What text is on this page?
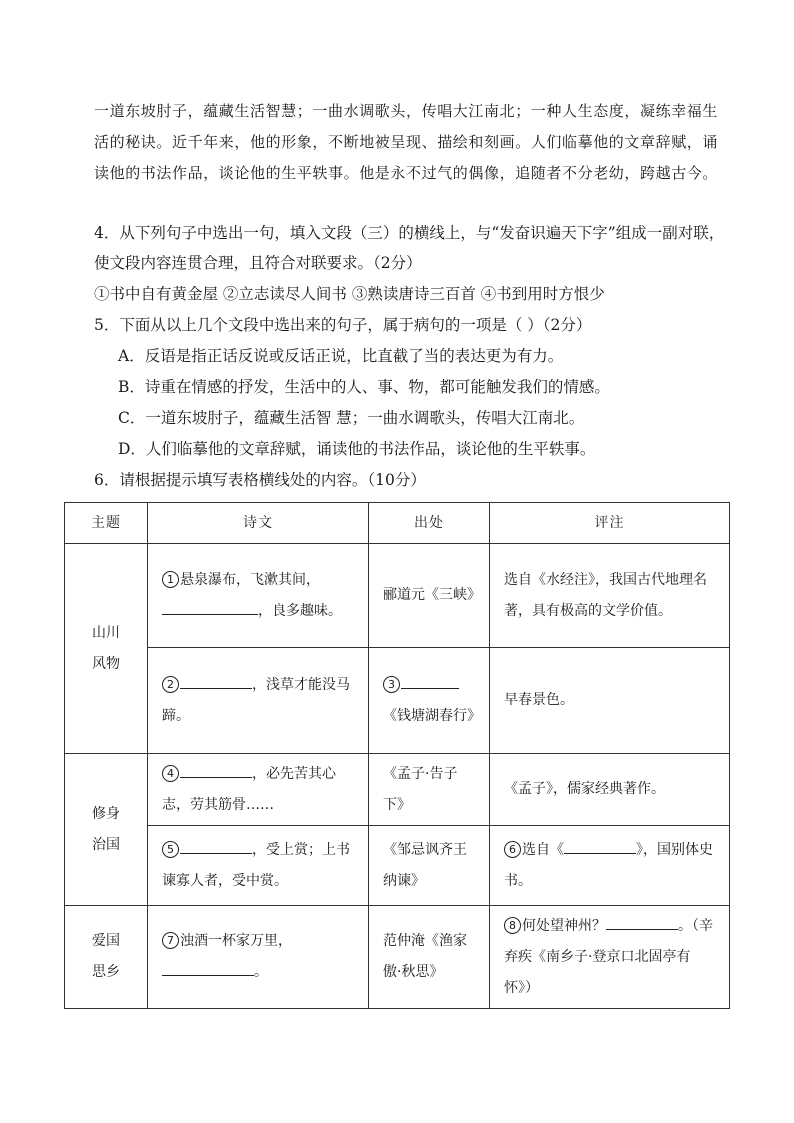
一道东坡肘子，蕴藏生活智慧；一曲水调歌头，传唱大江南北；一种人生态度，凝练幸福生活的秘诀。近千年来，他的形象，不断地被呈现、描绘和刻画。人们临摹他的文章辞赋，诵读他的书法作品，谈论他的生平轶事。他是永不过气的偶像，追随者不分老幼，跨越古今。

4．从下列句子中选出一句，填入文段（三）的横线上，与“发奋识遍天下字”组成一副对联，使文段内容连贯合理，且符合对联要求。（2分）

①书中自有黄金屋 ②立志读尽人间书 ③熟读唐诗三百首 ④书到用时方恨少

5．下面从以上几个文段中选出来的句子，属于病句的一项是（ ）（2分）

A．反语是指正话反说或反话正说，比直截了当的表达更为有力。

B．诗重在情感的抒发，生活中的人、事、物，都可能触发我们的情感。

C．一道东坡肘子，蕴藏生活智 慧；一曲水调歌头，传唱大江南北。

D．人们临摹他的文章辞赋，诵读他的书法作品，谈论他的生平轶事。

6．请根据提示填写表格横线处的内容。（10分）

主题	诗文	出处	评注

山川风物	1 悬泉瀑布，飞漱其间，，良多趣味。	郦道元《三峡》	选自《水经注》，我国古代地理名著，具有极高的文学价值。
	2 ，浅草才能没马蹄。	3《钱塘湖春行》	早春景色。

修身治国	4 ，必先苦其心志，劳其筋骨……	《孟子·告子下》	《孟子》，儒家经典著作。
	5 ，受上赏；上书谏寡人者，受中赏。	《邹忌讽齐王纳谏》	6 选自《 》，国别体史书。

爱国思乡	7 浊酒一杯家万里，。	范仲淹《渔家傲·秋思》	8 何处望神州？ 。（辛弃疾《南乡子·登京口北固亭有怀》）
